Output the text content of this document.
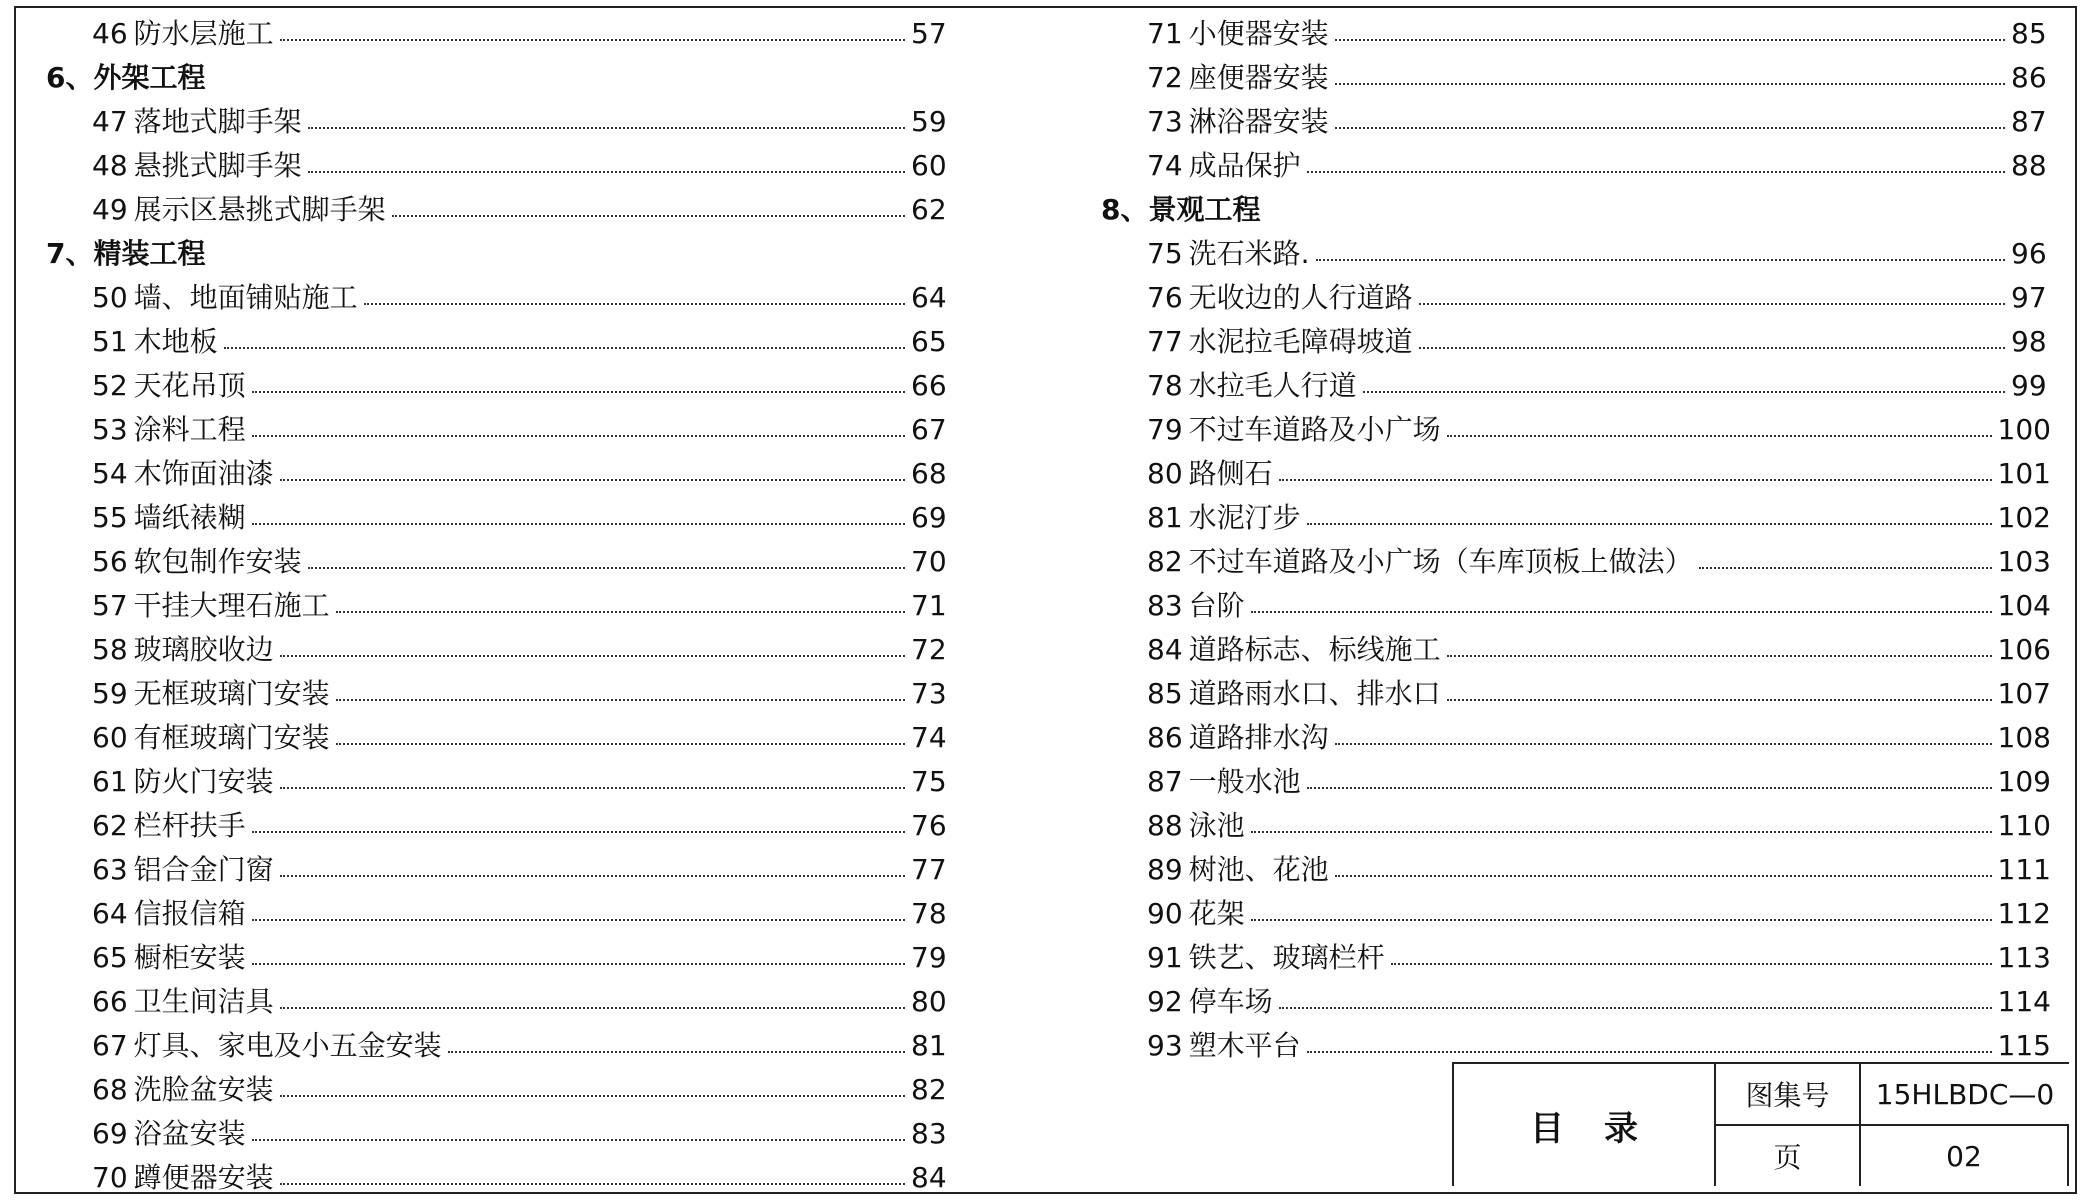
46 防水层施工	57
6、外架工程
47 落地式脚手架	59
48 悬挑式脚手架	60
49 展示区悬挑式脚手架	62
7、精装工程
50 墙、地面铺贴施工	64
51 木地板	65
52 天花吊顶	66
53 涂料工程	67
54 木饰面油漆	68
55 墙纸裱糊	69
56 软包制作安装	70
57 干挂大理石施工	71
58 玻璃胶收边	72
59 无框玻璃门安装	73
60 有框玻璃门安装	74
61 防火门安装	75
62 栏杆扶手	76
63 铝合金门窗	77
64 信报信箱	78
65 橱柜安装	79
66 卫生间洁具	80
67 灯具、家电及小五金安装	81
68 洗脸盆安装	82
69 浴盆安装	83
70 蹲便器安装	84
71 小便器安装	85
72 座便器安装	86
73 淋浴器安装	87
74 成品保护	88
8、景观工程
75 洗石米路.	96
76 无收边的人行道路	97
77 水泥拉毛障碍坡道	98
78 水拉毛人行道	99
79 不过车道路及小广场	100
80 路侧石	101
81 水泥汀步	102
82 不过车道路及小广场（车库顶板上做法）	103
83 台阶	104
84 道路标志、标线施工	106
85 道路雨水口、排水口	107
86 道路排水沟	108
87 一般水池	109
88 泳池	110
89 树池、花池	111
90 花架	112
91 铁艺、玻璃栏杆	113
92 停车场	114
93 塑木平台	115
目录
图集号	15HLBDC—0
页	02
